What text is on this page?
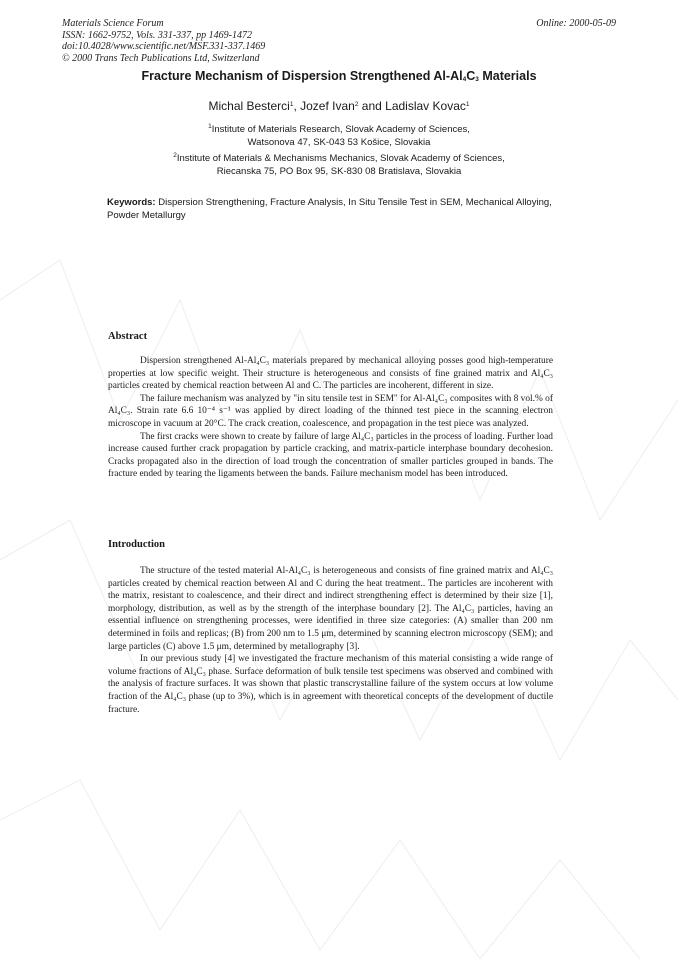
Materials Science Forum
ISSN: 1662-9752, Vols. 331-337, pp 1469-1472
doi:10.4028/www.scientific.net/MSF.331-337.1469
© 2000 Trans Tech Publications Ltd, Switzerland
Online: 2000-05-09
Fracture Mechanism of Dispersion Strengthened $Al-Al_4C_3$ Materials
Michal Besterci$^1$, Jozef Ivan$^2$ and Ladislav Kovac$^1$
$^1$Institute of Materials Research, Slovak Academy of Sciences,
Watsonova 47, SK-043 53 Košice, Slovakia
$^2$Institute of Materials & Mechanisms Mechanics, Slovak Academy of Sciences,
Riecanska 75, PO Box 95, SK-830 08 Bratislava, Slovakia
Keywords: Dispersion Strengthening, Fracture Analysis, In Situ Tensile Test in SEM, Mechanical Alloying, Powder Metallurgy
Abstract

Dispersion strengthened Al-Al₄C₃ materials prepared by mechanical alloying posses good high-temperature properties at low specific weight. Their structure is heterogeneous and consists of fine grained matrix and Al₄C₃ particles created by chemical reaction between Al and C. The particles are incoherent, different in size.

The failure mechanism was analyzed by "in situ tensile test in SEM" for Al-Al₄C₃ composites with 8 vol.% of Al₄C₃. Strain rate 6.6 10⁻⁴ s⁻¹ was applied by direct loading of the thinned test piece in the scanning electron microscope in vacuum at 20°C. The crack creation, coalescence, and propagation in the test piece was analyzed.

The first cracks were shown to create by failure of large Al₄C₃ particles in the process of loading. Further load increase caused further crack propagation by particle cracking, and matrix-particle interphase boundary decohesion. Cracks propagated also in the direction of load trough the concentration of smaller particles grouped in bands. The fracture ended by tearing the ligaments between the bands. Failure mechanism model has been introduced.

Introduction

The structure of the tested material Al-Al₄C₃ is heterogeneous and consists of fine grained matrix and Al₄C₃ particles created by chemical reaction between Al and C during the heat treatment.. The particles are incoherent with the matrix, resistant to coalescence, and their direct and indirect strengthening effect is determined by their size [1], morphology, distribution, as well as by the strength of the interphase boundary [2]. The Al₄C₃ particles, having an essential influence on strengthening processes, were identified in three size categories: (A) smaller than 200 nm determined in foils and replicas; (B) from 200 nm to 1.5 μm, determined by scanning electron microscopy (SEM); and large particles (C) above 1.5 μm, determined by metallography [3].

In our previous study [4] we investigated the fracture mechanism of this material consisting a wide range of volume fractions of Al₄C₃ phase. Surface deformation of bulk tensile test specimens was observed and combined with the analysis of fracture surfaces. It was shown that plastic transcrystalline failure of the system occurs at low volume fraction of the Al₄C₃ phase (up to 3%), which is in agreement with theoretical concepts of the development of ductile fracture.
